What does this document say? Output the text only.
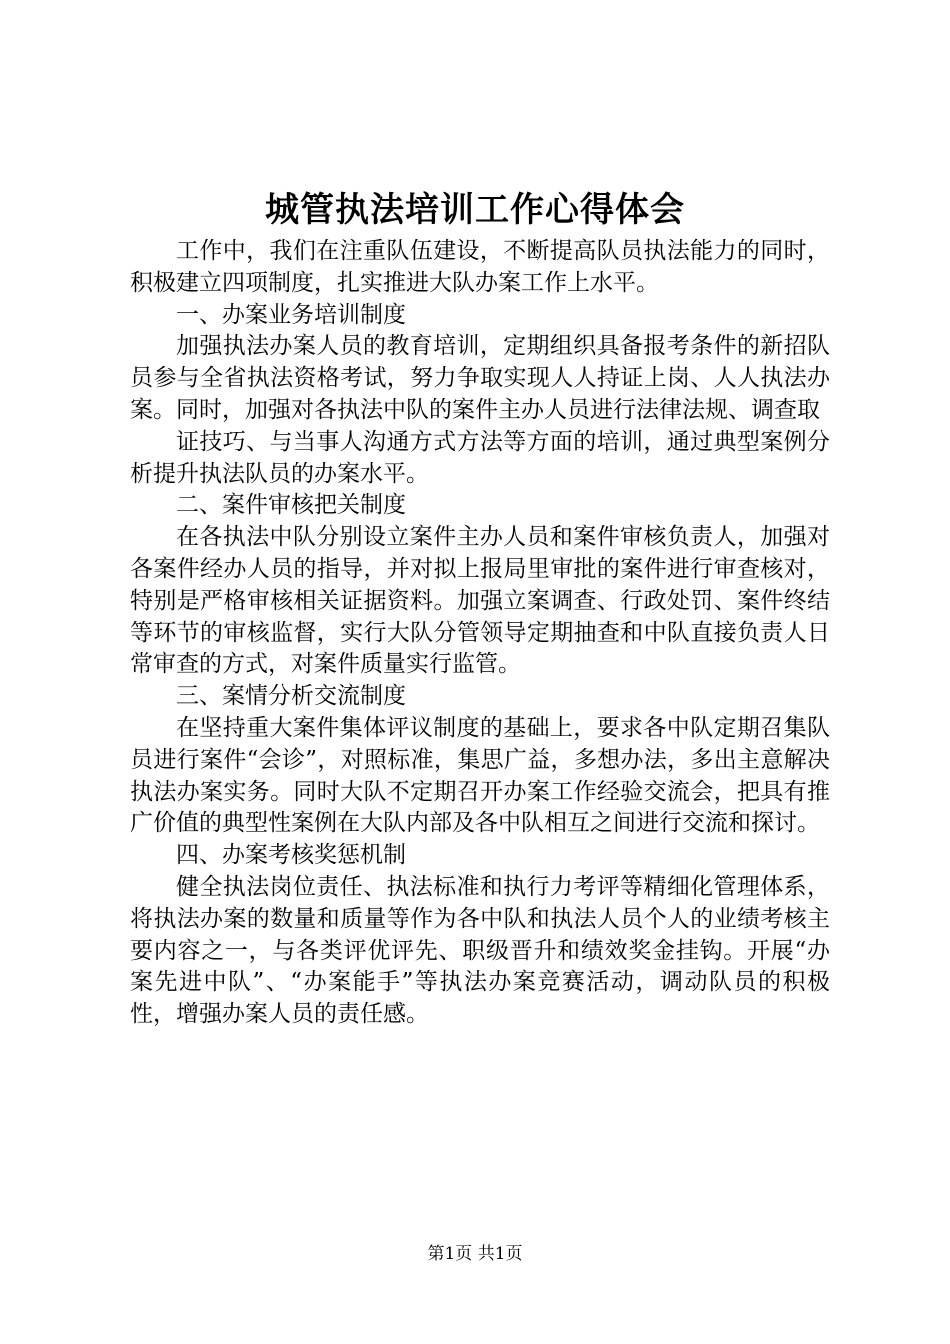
城管执法培训工作心得体会

工作中，我们在注重队伍建设，不断提高队员执法能力的同时，积极建立四项制度，扎实推进大队办案工作上水平。

一、办案业务培训制度

加强执法办案人员的教育培训，定期组织具备报考条件的新招队员参与全省执法资格考试，努力争取实现人人持证上岗、人人执法办案。同时，加强对各执法中队的案件主办人员进行法律法规、调查取

证技巧、与当事人沟通方式方法等方面的培训，通过典型案例分析提升执法队员的办案水平。

二、案件审核把关制度

在各执法中队分别设立案件主办人员和案件审核负责人，加强对各案件经办人员的指导，并对拟上报局里审批的案件进行审查核对，特别是严格审核相关证据资料。加强立案调查、行政处罚、案件终结等环节的审核监督，实行大队分管领导定期抽查和中队直接负责人日常审查的方式，对案件质量实行监管。

三、案情分析交流制度

在坚持重大案件集体评议制度的基础上，要求各中队定期召集队员进行案件“会诊”，对照标准，集思广益，多想办法，多出主意解决执法办案实务。同时大队不定期召开办案工作经验交流会，把具有推广价值的典型性案例在大队内部及各中队相互之间进行交流和探讨。

四、办案考核奖惩机制

健全执法岗位责任、执法标准和执行力考评等精细化管理体系，将执法办案的数量和质量等作为各中队和执法人员个人的业绩考核主要内容之一，与各类评优评先、职级晋升和绩效奖金挂钩。开展“办案先进中队”、“办案能手”等执法办案竞赛活动，调动队员的积极性，增强办案人员的责任感。

第1页 共1页
